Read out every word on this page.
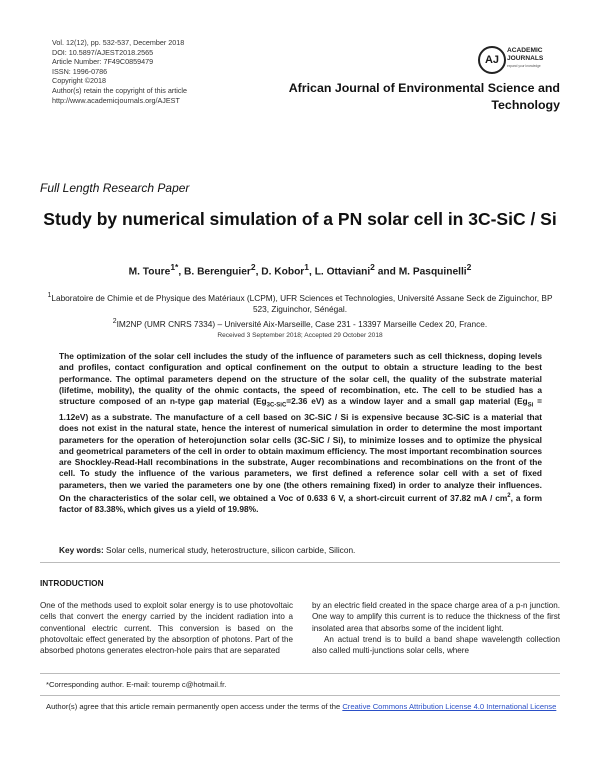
Vol. 12(12), pp. 532-537, December 2018
DOI: 10.5897/AJEST2018.2565
Article Number: 7F49C0859479
ISSN: 1996-0786
Copyright ©2018
Author(s) retain the copyright of this article
http://www.academicjournals.org/AJEST
AJ
ACADEMIC
JOURNALS
expand your knowledge
African Journal of Environmental Science and Technology
Full Length Research Paper
Study by numerical simulation of a PN solar cell in 3C-SiC / Si
M. Toure$^{1*}$, B. Berenguier$^2$, D. Kobor$^1$, L. Ottaviani$^2$ and M. Pasquinelli$^2$
$^1$Laboratoire de Chimie et de Physique des Matériaux (LCPM), UFR Sciences et Technologies, Université Assane Seck de Ziguinchor, BP 523, Ziguinchor, Sénégal.
$^2$IM2NP (UMR CNRS 7334) – Université Aix-Marseille, Case 231 - 13397 Marseille Cedex 20, France.
Received 3 September 2018; Accepted 29 October 2018
The optimization of the solar cell includes the study of the influence of parameters such as cell thickness, doping levels and profiles, contact configuration and optical confinement on the output to obtain a structure leading to the best performance. The optimal parameters depend on the structure of the solar cell, the quality of the substrate material (lifetime, mobility), the quality of the ohmic contacts, the speed of recombination, etc. The cell to be studied has a structure composed of an n-type gap material ($Eg_{3C-SiC}=2.36$ eV) as a window layer and a small gap material $(Eg_{Si} = 1.12eV)$ as a substrate. The manufacture of a cell based on 3C-SiC / Si is expensive because 3C-SiC is a material that does not exist in the natural state, hence the interest of numerical simulation in order to determine the most important parameters for the operation of heterojunction solar cells (3C-SiC / Si), to minimize losses and to optimize the physical and geometrical parameters of the cell in order to obtain maximum efficiency. The most important recombination sources are Shockley-Read-Hall recombinations in the substrate, Auger recombinations and recombinations on the front of the cell. To study the influence of the various parameters, we first defined a reference solar cell with a set of fixed parameters, then we varied the parameters one by one (the others remaining fixed) in order to analyze their influences. On the characteristics of the solar cell, we obtained a Voc of 0.633 6 V, a short-circuit current of 37.82 mA / $cm^2$, a form factor of 83.38%, which gives us a yield of 19.98%.
Key words: Solar cells, numerical study, heterostructure, silicon carbide, Silicon.
INTRODUCTION

One of the methods used to exploit solar energy is to use photovoltaic cells that convert the energy carried by the incident radiation into a conventional electric current. This conversion is based on the photovoltaic effect generated by the absorption of photons. Part of the absorbed photons generates electron-hole pairs that are separated

by an electric field created in the space charge area of a p-n junction. One way to amplify this current is to reduce the thickness of the first insolated area that absorbs some of the incident light.

An actual trend is to build a band shape wavelength collection also called multi-junctions solar cells, where

*Corresponding author. E-mail: touremp c@hotmail.fr.
Author(s) agree that this article remain permanently open access under the terms of the Creative Commons Attribution License 4.0 International License
